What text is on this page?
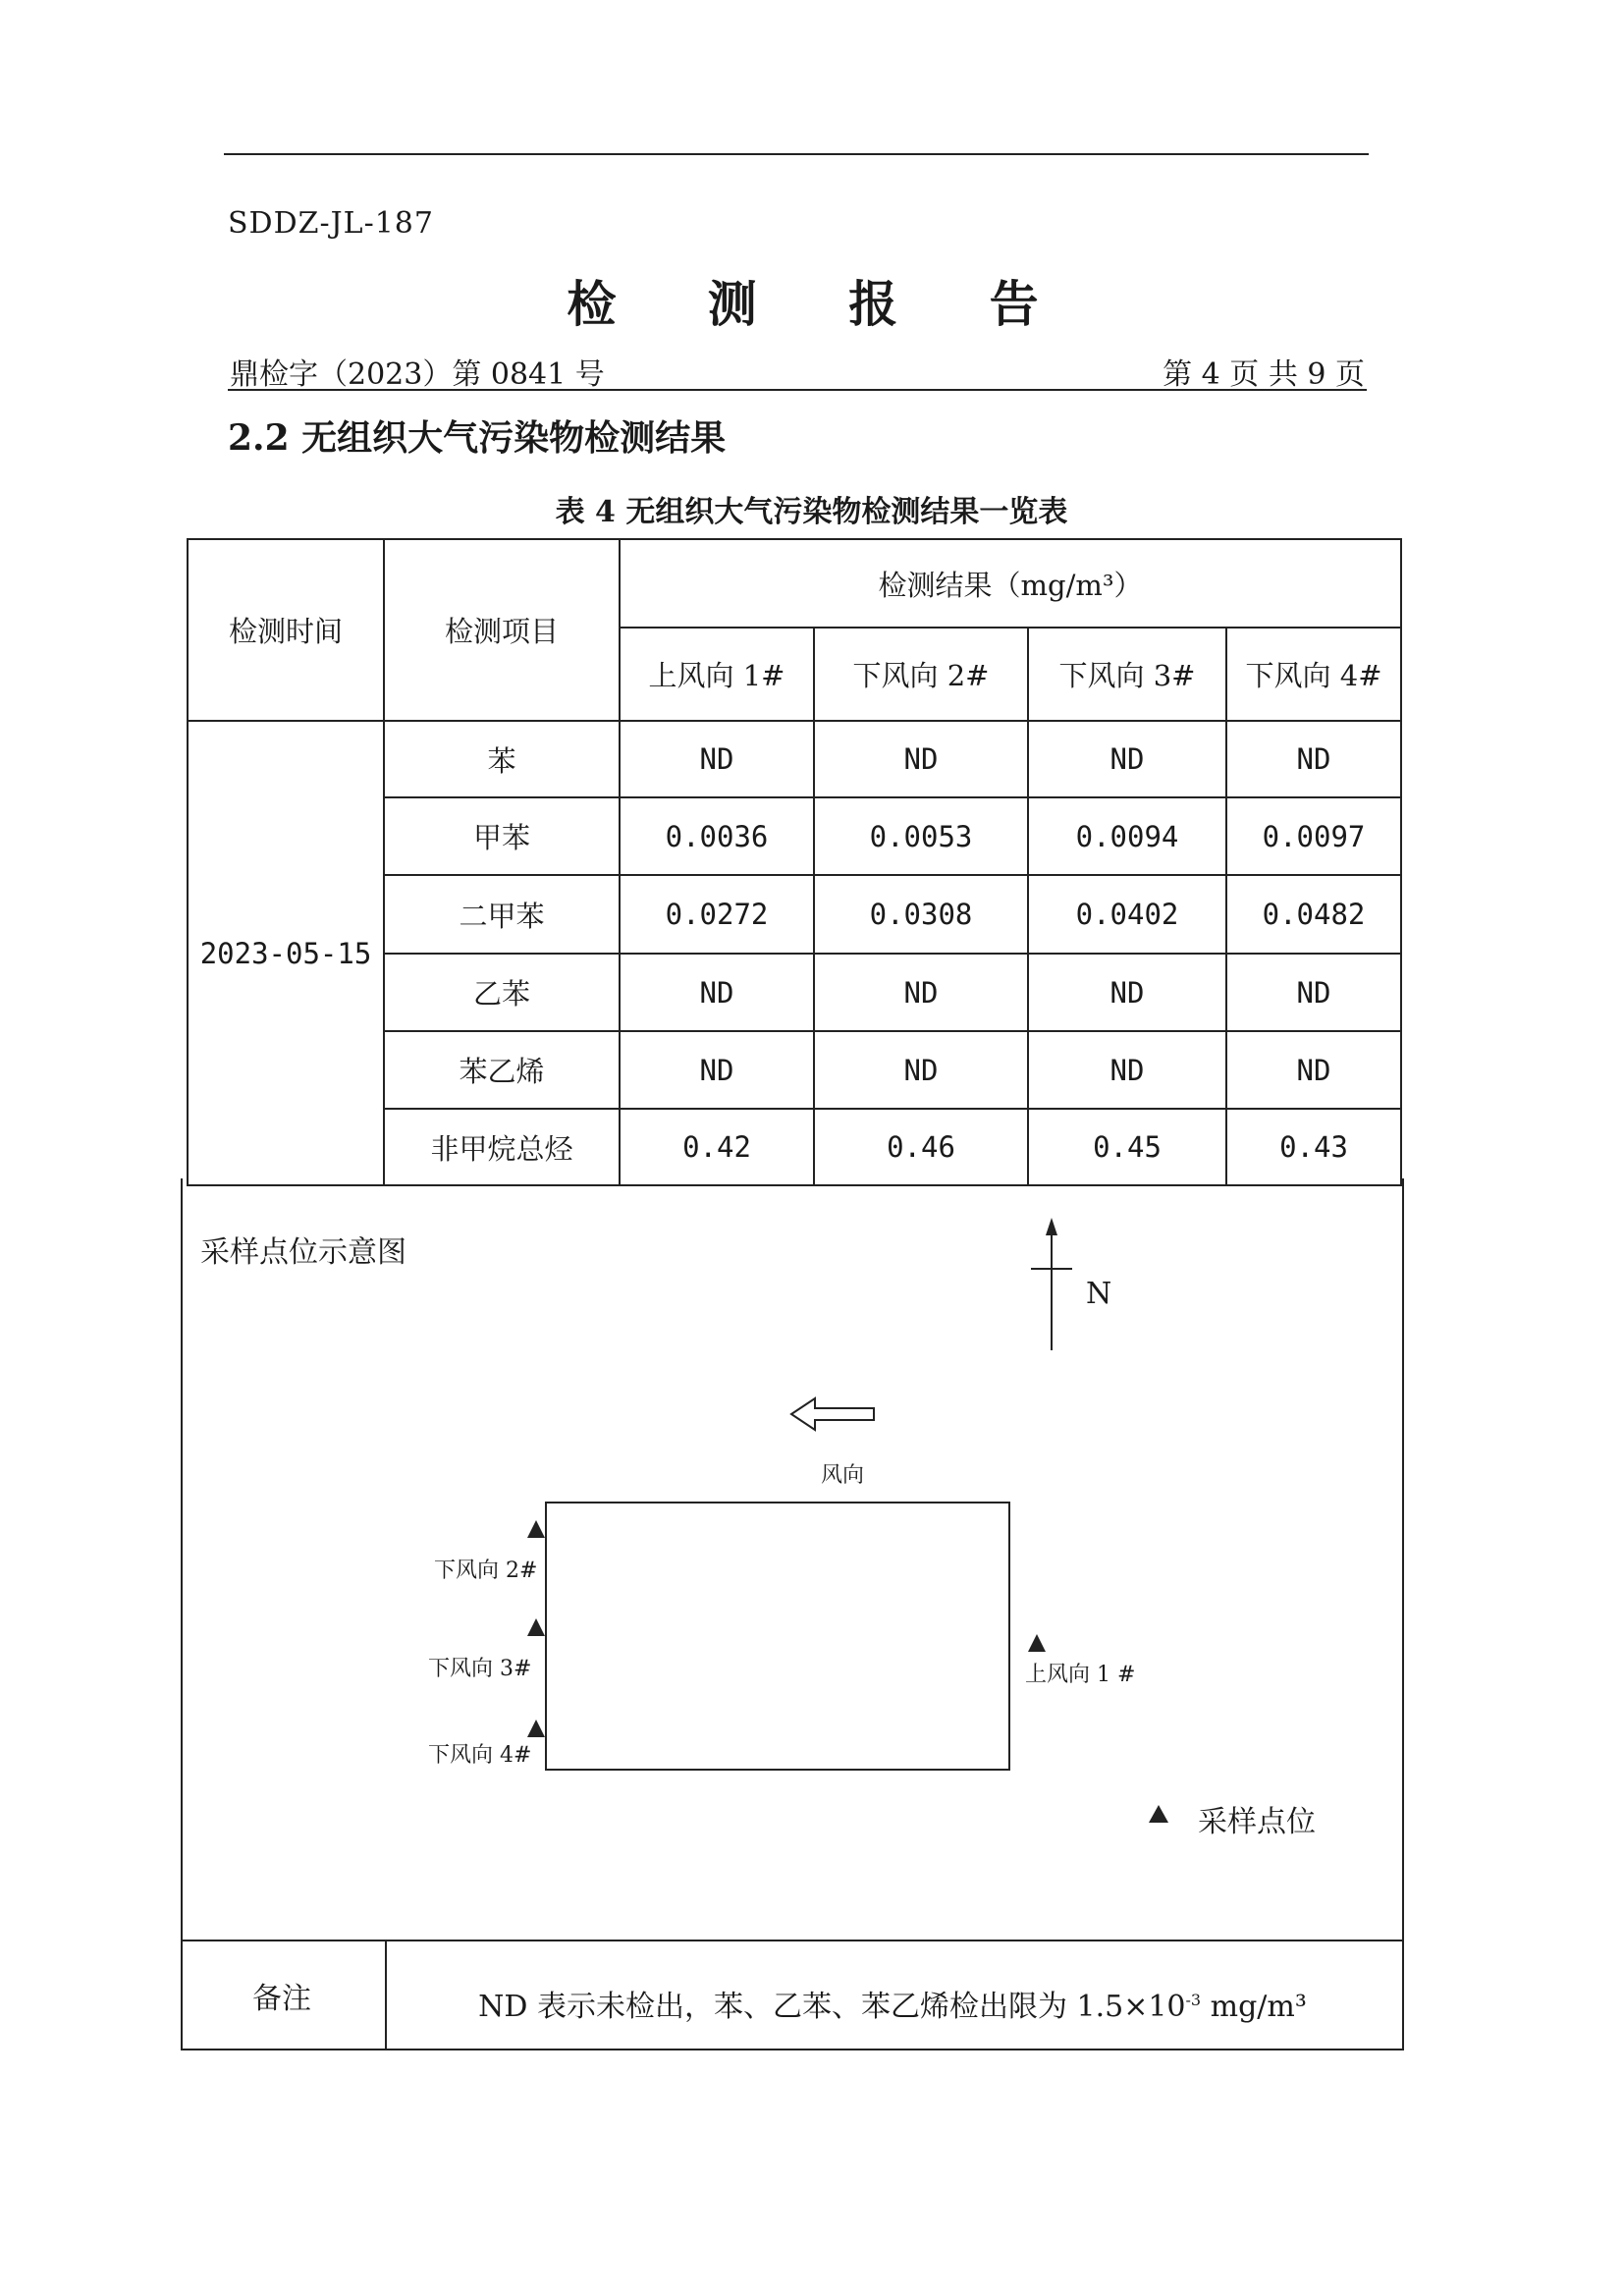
SDDZ-JL-187
检 测 报 告
鼎检字（2023）第 0841 号	第 4 页 共 9 页
2.2 无组织大气污染物检测结果
表 4 无组织大气污染物检测结果一览表
检测时间	检测项目	检测结果（mg/m³）			
		上风向 1#	下风向 2#	下风向 3#	下风向 4#
2023-05-15	苯	ND	ND	ND	ND
	甲苯	0.0036	0.0053	0.0094	0.0097
	二甲苯	0.0272	0.0308	0.0402	0.0482
	乙苯	ND	ND	ND	ND
	苯乙烯	ND	ND	ND	ND
	非甲烷总烃	0.42	0.46	0.45	0.43
采样点位示意图
N
风向
下风向 2#
下风向 3#
下风向 4#
上风向 1 #
采样点位
备注	ND 表示未检出，苯、乙苯、苯乙烯检出限为 $1.5\times 10^{-3}$ mg/m³
